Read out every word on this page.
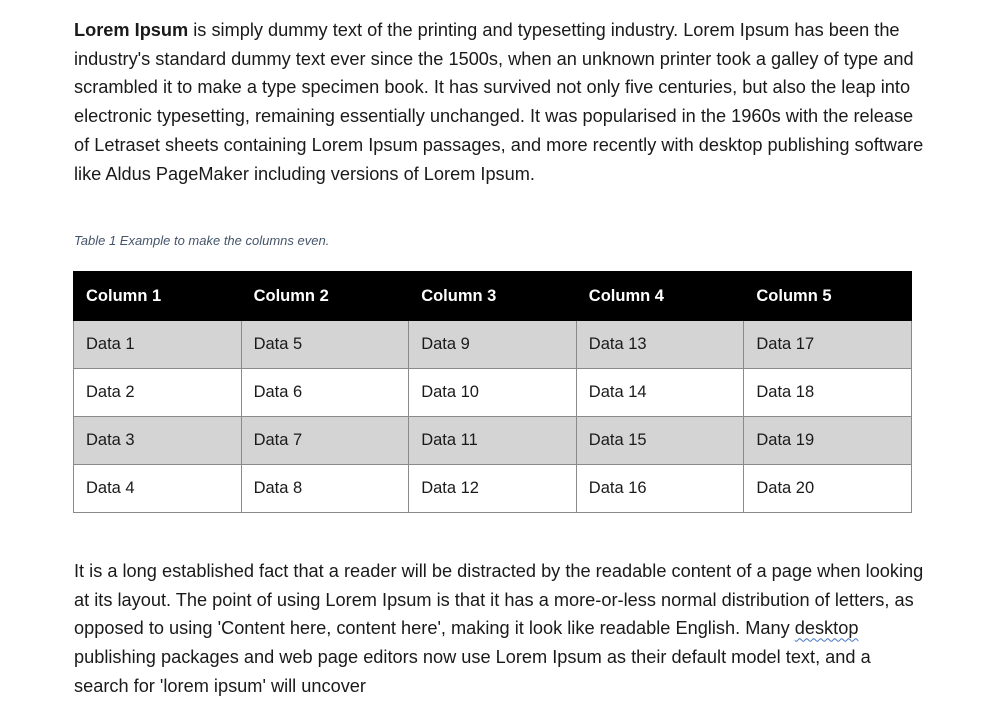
Lorem Ipsum is simply dummy text of the printing and typesetting industry. Lorem Ipsum has been the industry's standard dummy text ever since the 1500s, when an unknown printer took a galley of type and scrambled it to make a type specimen book. It has survived not only five centuries, but also the leap into electronic typesetting, remaining essentially unchanged. It was popularised in the 1960s with the release of Letraset sheets containing Lorem Ipsum passages, and more recently with desktop publishing software like Aldus PageMaker including versions of Lorem Ipsum.

Table 1 Example to make the columns even.
Column 1	Column 2	Column 3	Column 4	Column 5
Data 1	Data 5	Data 9	Data 13	Data 17
Data 2	Data 6	Data 10	Data 14	Data 18
Data 3	Data 7	Data 11	Data 15	Data 19
Data 4	Data 8	Data 12	Data 16	Data 20

It is a long established fact that a reader will be distracted by the readable content of a page when looking at its layout. The point of using Lorem Ipsum is that it has a more-or-less normal distribution of letters, as opposed to using 'Content here, content here', making it look like readable English. Many desktop publishing packages and web page editors now use Lorem Ipsum as their default model text, and a search for 'lorem ipsum' will uncover
